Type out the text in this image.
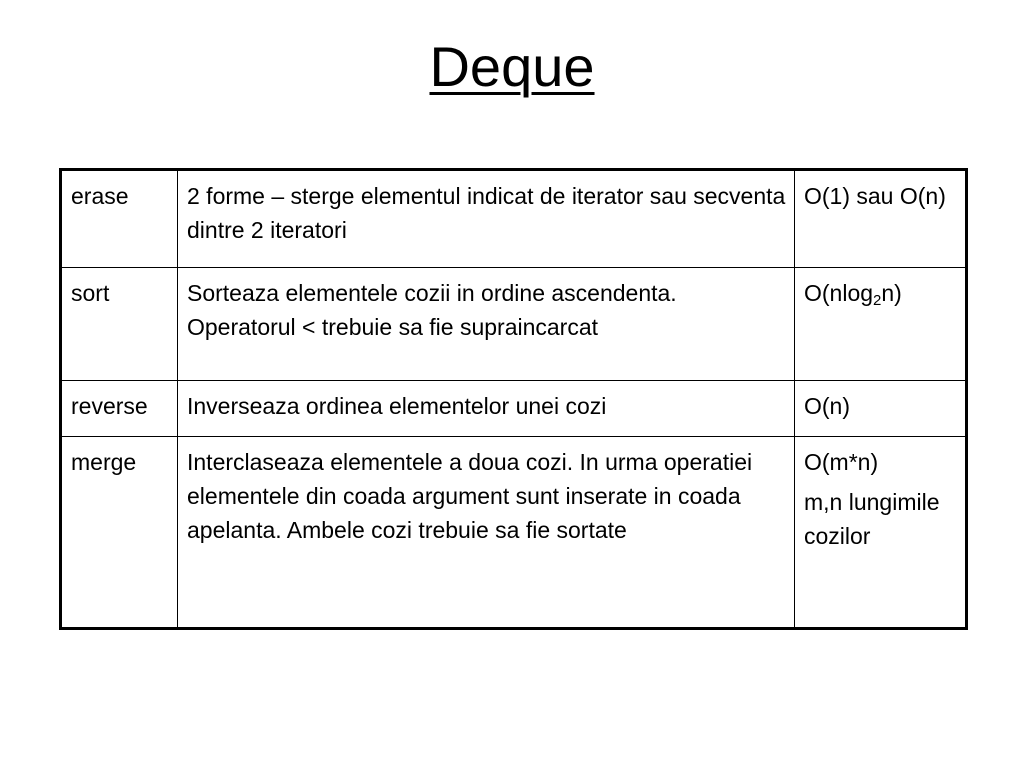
Deque
erase	2 forme – sterge elementul indicat de iterator sau secventa dintre 2 iteratori	O(1) sau O(n)
sort	Sorteaza elementele cozii in ordine ascendenta. Operatorul < trebuie sa fie supraincarcat	O(nlog$_2$n)
reverse	Inverseaza ordinea elementelor unei cozi	O(n)
merge	Interclaseaza elementele a doua cozi. In urma operatiei elementele din coada argument sunt inserate in coada apelanta. Ambele cozi trebuie sa fie sortate	O(m*n)

m,n lungimile cozilor
